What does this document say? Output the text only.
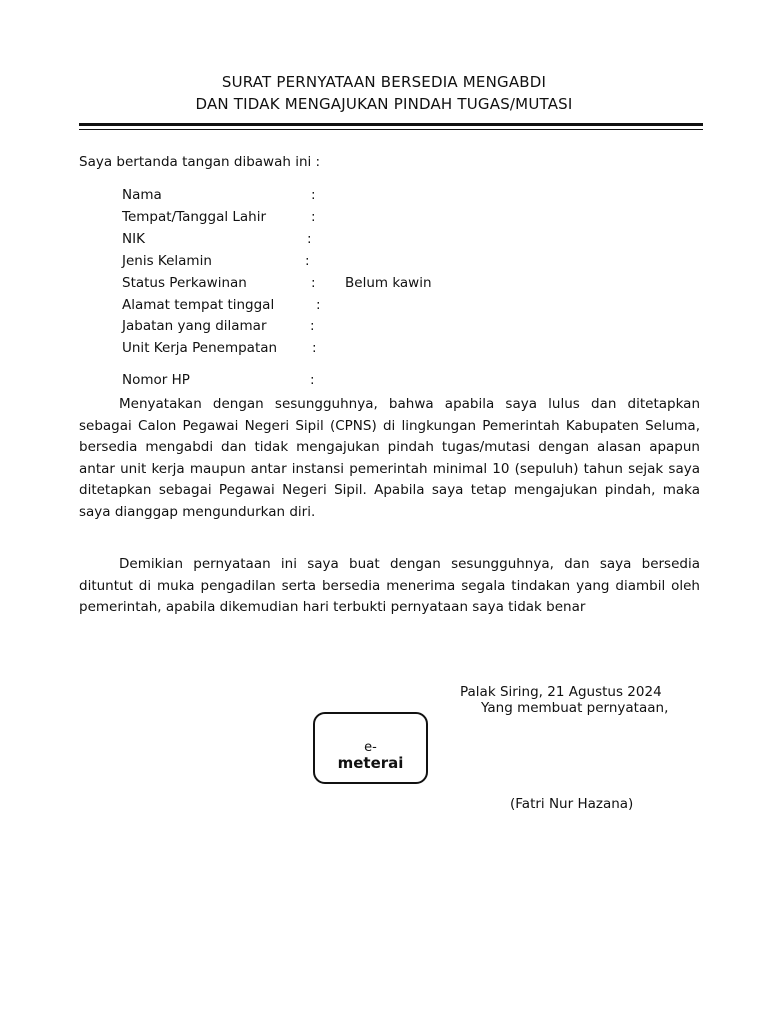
SURAT PERNYATAAN BERSEDIA MENGABDI
DAN TIDAK MENGAJUKAN PINDAH TUGAS/MUTASI
Saya bertanda tangan dibawah ini :
Nama	:
Tempat/Tanggal Lahir	:
NIK	:
Jenis Kelamin	:
Status Perkawinan	: Belum kawin
Alamat tempat tinggal	:
Jabatan yang dilamar	:
Unit Kerja Penempatan	:
Nomor HP	:

Menyatakan dengan sesungguhnya, bahwa apabila saya lulus dan ditetapkan sebagai Calon Pegawai Negeri Sipil (CPNS) di lingkungan Pemerintah Kabupaten Seluma, bersedia mengabdi dan tidak mengajukan pindah tugas/mutasi dengan alasan apapun antar unit kerja maupun antar instansi pemerintah minimal 10 (sepuluh) tahun sejak saya ditetapkan sebagai Pegawai Negeri Sipil. Apabila saya tetap mengajukan pindah, maka saya dianggap mengundurkan diri.

Demikian pernyataan ini saya buat dengan sesungguhnya, dan saya bersedia dituntut di muka pengadilan serta bersedia menerima segala tindakan yang diambil oleh pemerintah, apabila dikemudian hari terbukti pernyataan saya tidak benar

Palak Siring, 21 Agustus 2024
Yang membuat pernyataan,
e-
meterai
(Fatri Nur Hazana)
